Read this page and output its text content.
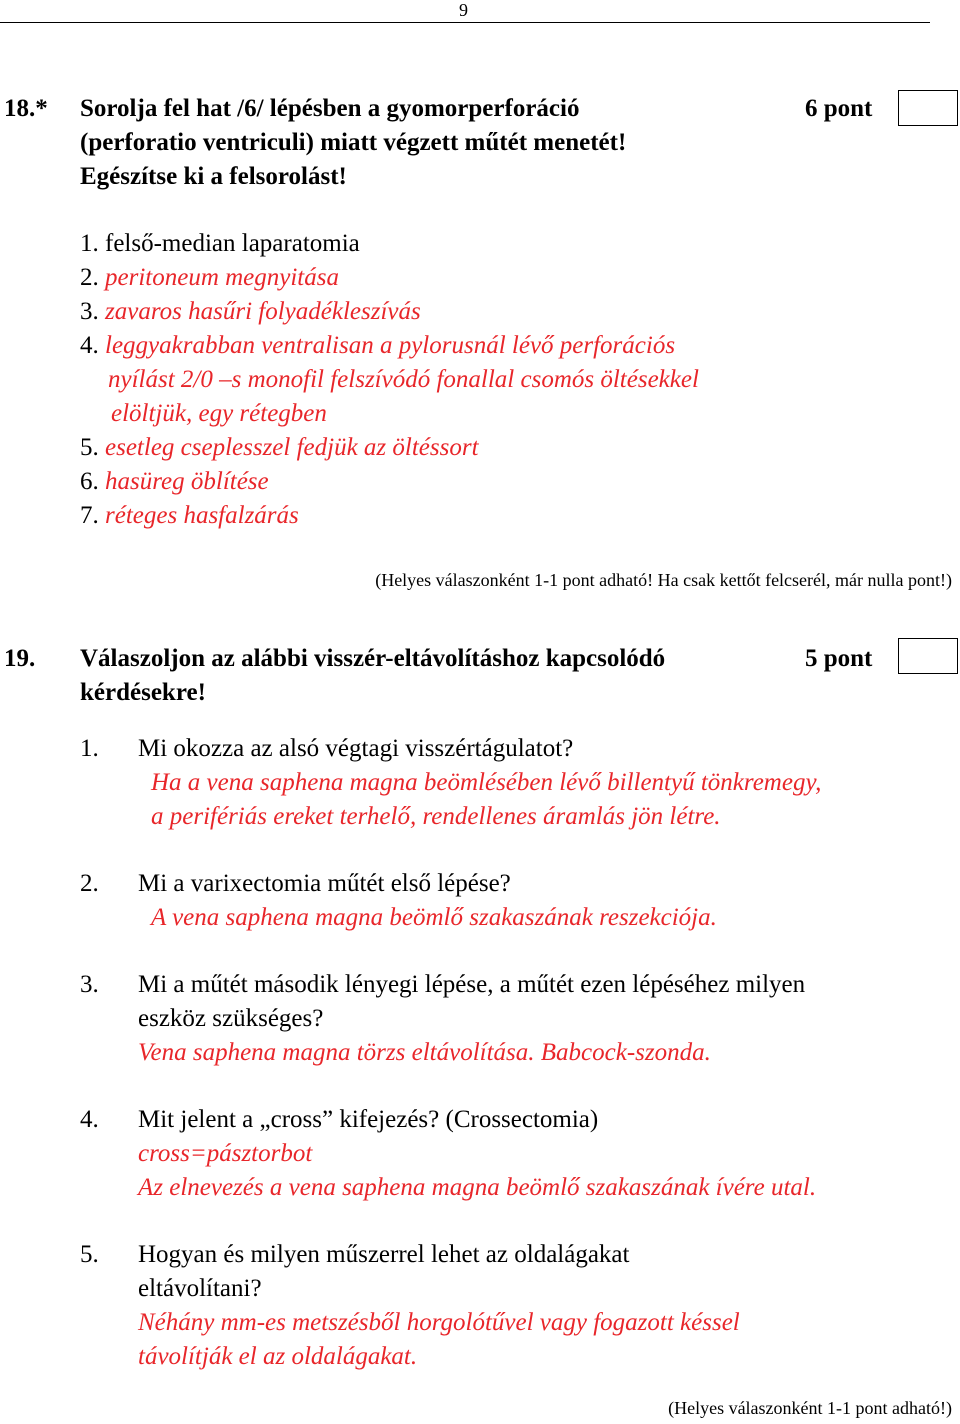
9
18.* Sorolja fel hat /6/ lépésben a gyomorperforáció
(perforatio ventriculi) miatt végzett műtét menetét!
Egészítse ki a felsorolást!
6 pont
1. felső-median laparatomia
2. peritoneum megnyitása
3. zavaros hasűri folyadékleszívás
4. leggyakrabban ventralisan a pylorusnál lévő perforációs
nyílást 2/0 –s monofil felszívódó fonallal csomós öltésekkel
elöltjük, egy rétegben
5. esetleg cseplesszel fedjük az öltéssort
6. hasüreg öblítése
7. réteges hasfalzárás
(Helyes válaszonként 1-1 pont adható! Ha csak kettőt felcserél, már nulla pont!)
19. Válaszoljon az alábbi visszér-eltávolításhoz kapcsolódó
kérdésekre!
5 pont
1. Mi okozza az alsó végtagi visszértágulatot?
Ha a vena saphena magna beömlésében lévő billentyű tönkremegy,
a perifériás ereket terhelő, rendellenes áramlás jön létre.
2. Mi a varixectomia műtét első lépése?
A vena saphena magna beömlő szakaszának reszekciója.
3. Mi a műtét második lényegi lépése, a műtét ezen lépéséhez milyen
eszköz szükséges?
Vena saphena magna törzs eltávolítása. Babcock-szonda.
4. Mit jelent a „cross” kifejezés? (Crossectomia)
cross=pásztorbot
Az elnevezés a vena saphena magna beömlő szakaszának ívére utal.
5. Hogyan és milyen műszerrel lehet az oldalágakat
eltávolítani?
Néhány mm-es metszésből horgolótűvel vagy fogazott késsel
távolítják el az oldalágakat.
(Helyes válaszonként 1-1 pont adható!)
